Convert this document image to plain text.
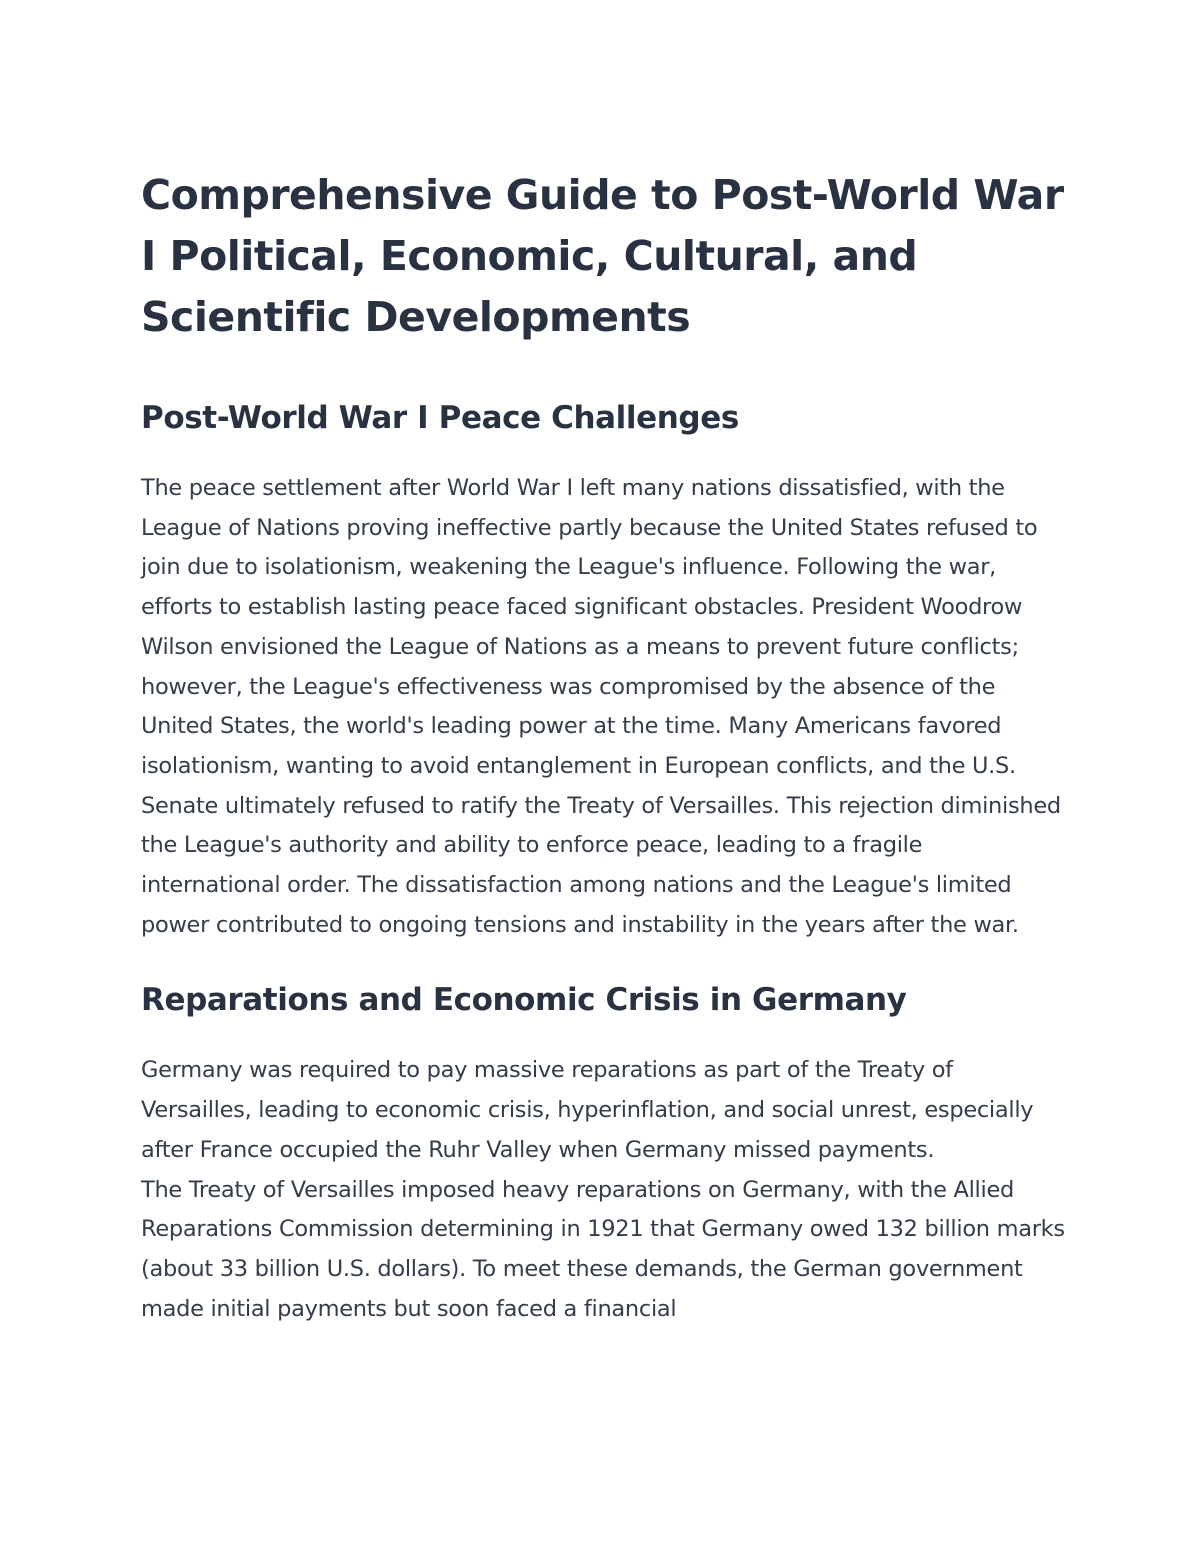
Comprehensive Guide to Post-World War I Political, Economic, Cultural, and Scientific Developments
Post-World War I Peace Challenges

The peace settlement after World War I left many nations dissatisfied, with the League of Nations proving ineffective partly because the United States refused to join due to isolationism, weakening the League's influence. Following the war, efforts to establish lasting peace faced significant obstacles. President Woodrow Wilson envisioned the League of Nations as a means to prevent future conflicts; however, the League's effectiveness was compromised by the absence of the United States, the world's leading power at the time. Many Americans favored isolationism, wanting to avoid entanglement in European conflicts, and the U.S. Senate ultimately refused to ratify the Treaty of Versailles. This rejection diminished the League's authority and ability to enforce peace, leading to a fragile international order. The dissatisfaction among nations and the League's limited power contributed to ongoing tensions and instability in the years after the war.

Reparations and Economic Crisis in Germany

Germany was required to pay massive reparations as part of the Treaty of Versailles, leading to economic crisis, hyperinflation, and social unrest, especially after France occupied the Ruhr Valley when Germany missed payments.

The Treaty of Versailles imposed heavy reparations on Germany, with the Allied Reparations Commission determining in 1921 that Germany owed 132 billion marks (about 33 billion U.S. dollars). To meet these demands, the German government made initial payments but soon faced a financial
